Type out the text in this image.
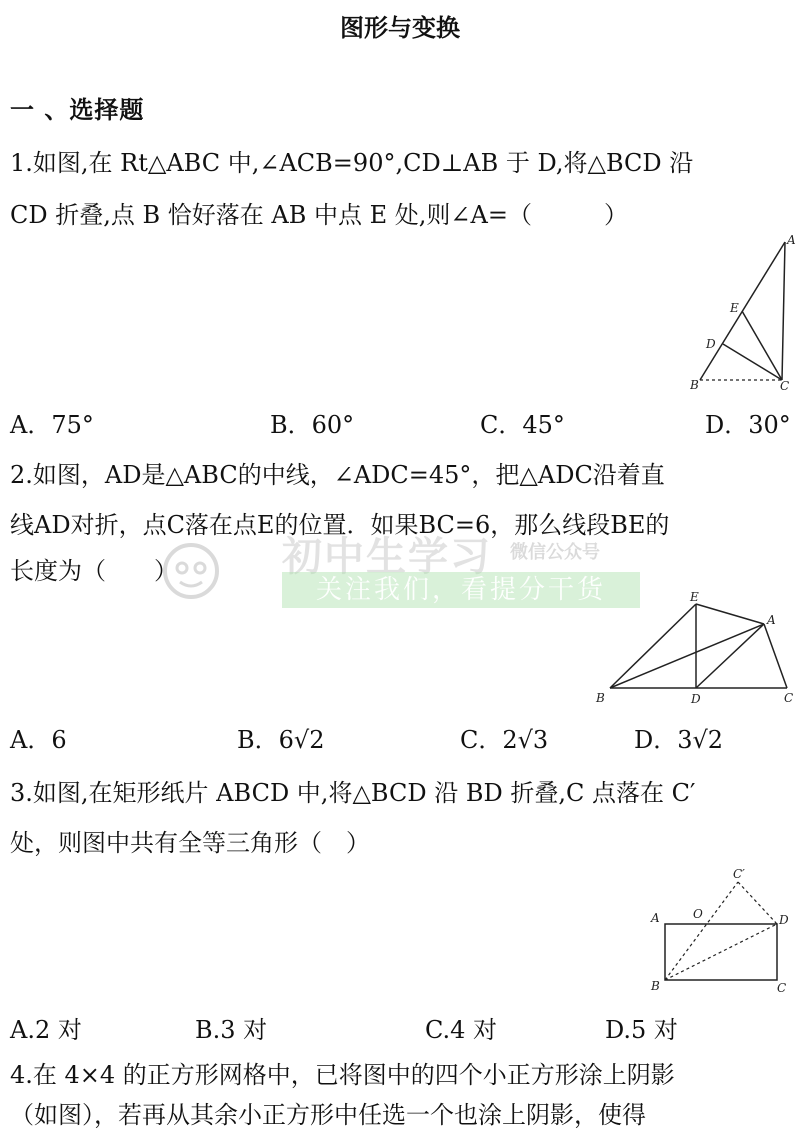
图形与变换
一 、选择题
1.如图,在 Rt△ABC 中,∠ACB=90°,CD⊥AB 于 D,将△BCD 沿
CD 折叠,点 B 恰好落在 AB 中点 E 处,则∠A=（　　　）
A
E
D
B	C
A．75°	B．60°	C．45°	D．30°
2.如图，AD是△ABC的中线，∠ADC=45°，把△ADC沿着直
线AD对折，点C落在点E的位置．如果BC=6，那么线段BE的
长度为（　　）
E
A
B	D	C
A．6	B．6√2	C．2√3	D．3√2
3.如图,在矩形纸片 ABCD 中,将△BCD 沿 BD 折叠,C 点落在 C′
处，则图中共有全等三角形（　）
C′
A	O	D
B	C
A.2 对	B.3 对	C.4 对	D.5 对
4.在 4×4 的正方形网格中，已将图中的四个小正方形涂上阴影
（如图），若再从其余小正方形中任选一个也涂上阴影，使得
初中生学习 微信公众号
关注我们，看提分干货
